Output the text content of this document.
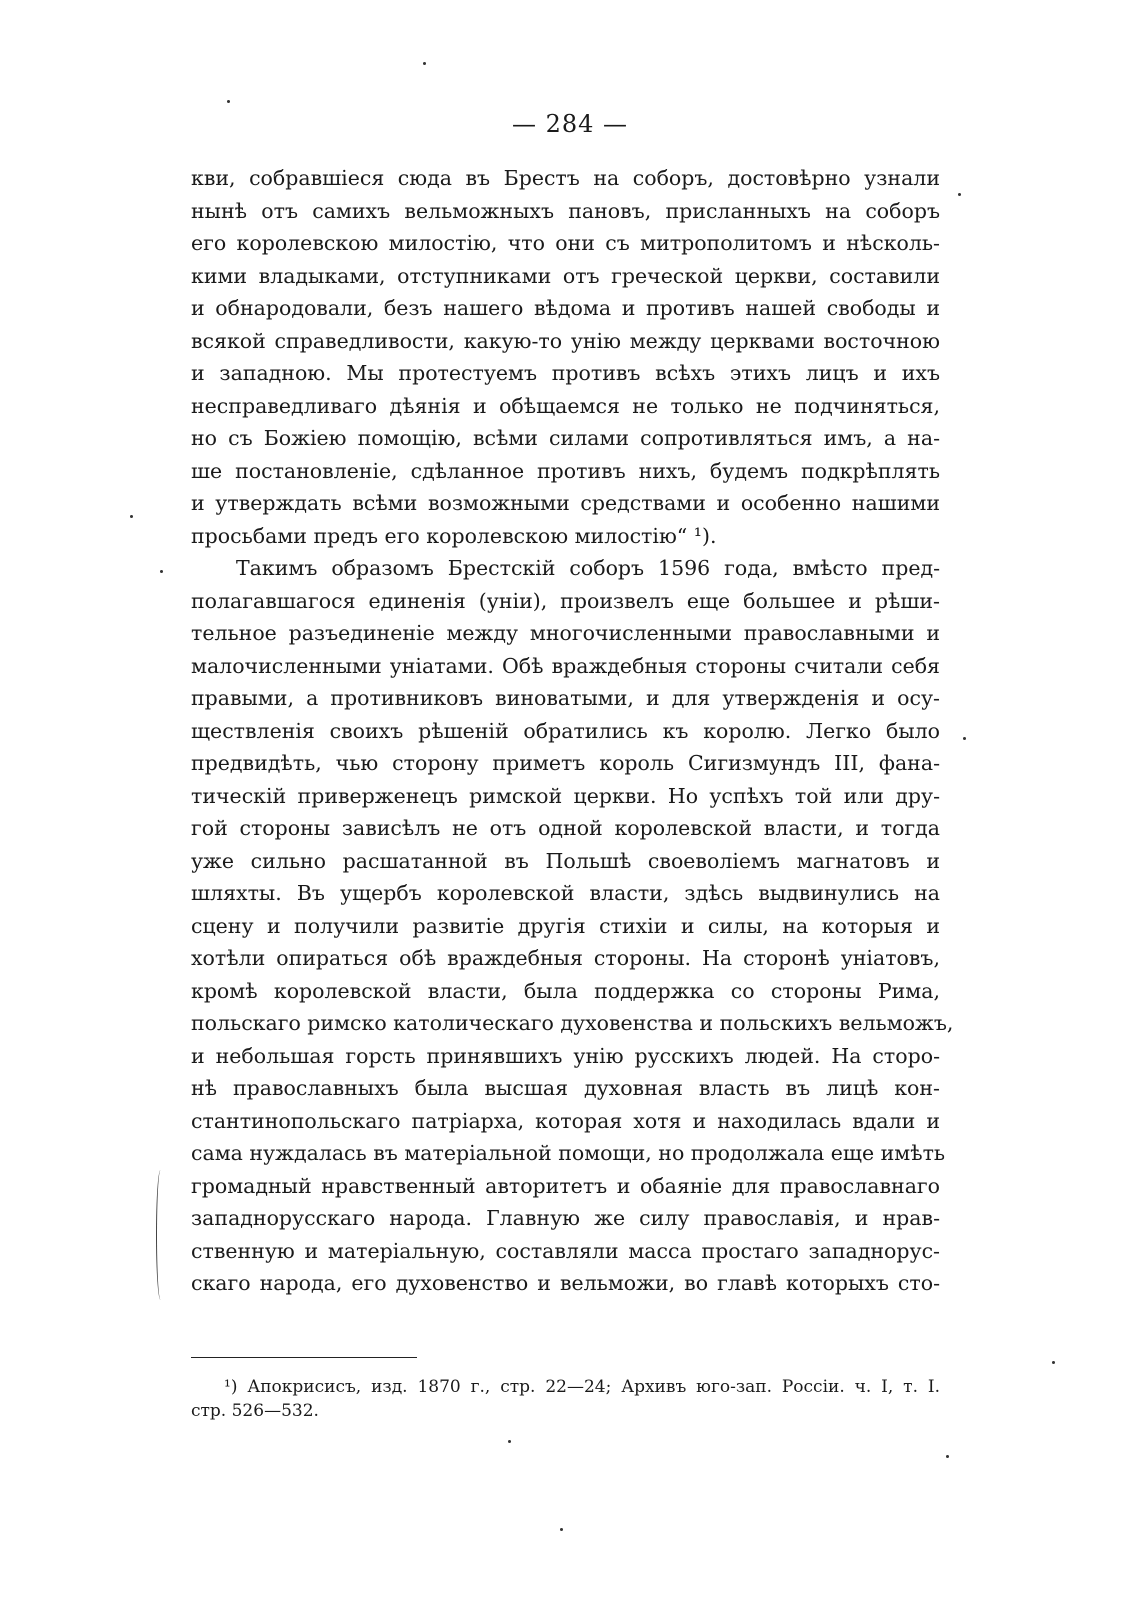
— 284 —
кви, собравшіеся сюда въ Брестъ на соборъ, достовѣрно узнали
нынѣ отъ самихъ вельможныхъ пановъ, присланныхъ на соборъ
его королевскою милостію, что они съ митрополитомъ и нѣсколь-
кими владыками, отступниками отъ греческой церкви, составили
и обнародовали, безъ нашего вѣдома и противъ нашей свободы и
всякой справедливости, какую-то унію между церквами восточною
и западною. Мы протестуемъ противъ всѣхъ этихъ лицъ и ихъ
несправедливаго дѣянія и обѣщаемся не только не подчиняться,
но съ Божіею помощію, всѣми силами сопротивляться имъ, а на-
ше постановленіе, сдѣланное противъ нихъ, будемъ подкрѣплять
и утверждать всѣми возможными средствами и особенно нашими
просьбами предъ его королевскою милостію“ ¹).
Такимъ образомъ Брестскій соборъ 1596 года, вмѣсто пред-
полагавшагося единенія (уніи), произвелъ еще большее и рѣши-
тельное разъединеніе между многочисленными православными и
малочисленными уніатами. Обѣ враждебныя стороны считали себя
правыми, а противниковъ виноватыми, и для утвержденія и осу-
ществленія своихъ рѣшеній обратились къ королю. Легко было
предвидѣть, чью сторону приметъ король Сигизмундъ III, фана-
тическій приверженецъ римской церкви. Но успѣхъ той или дру-
гой стороны зависѣлъ не отъ одной королевской власти, и тогда
уже сильно расшатанной въ Польшѣ своеволіемъ магнатовъ и
шляхты. Въ ущербъ королевской власти, здѣсь выдвинулись на
сцену и получили развитіе другія стихіи и силы, на которыя и
хотѣли опираться обѣ враждебныя стороны. На сторонѣ уніатовъ,
кромѣ королевской власти, была поддержка со стороны Рима,
польскаго римско католическаго духовенства и польскихъ вельможъ,
и небольшая горсть принявшихъ унію русскихъ людей. На сторо-
нѣ православныхъ была высшая духовная власть въ лицѣ кон-
стантинопольскаго патріарха, которая хотя и находилась вдали и
сама нуждалась въ матеріальной помощи, но продолжала еще имѣть
громадный нравственный авторитетъ и обаяніе для православнаго
западнорусскаго народа. Главную же силу православія, и нрав-
ственную и матеріальную, составляли масса простаго западнорус-
скаго народа, его духовенство и вельможи, во главѣ которыхъ сто-
¹) Апокрисисъ, изд. 1870 г., стр. 22—24; Архивъ юго-зап. Россіи. ч. I, т. I.
стр. 526—532.
